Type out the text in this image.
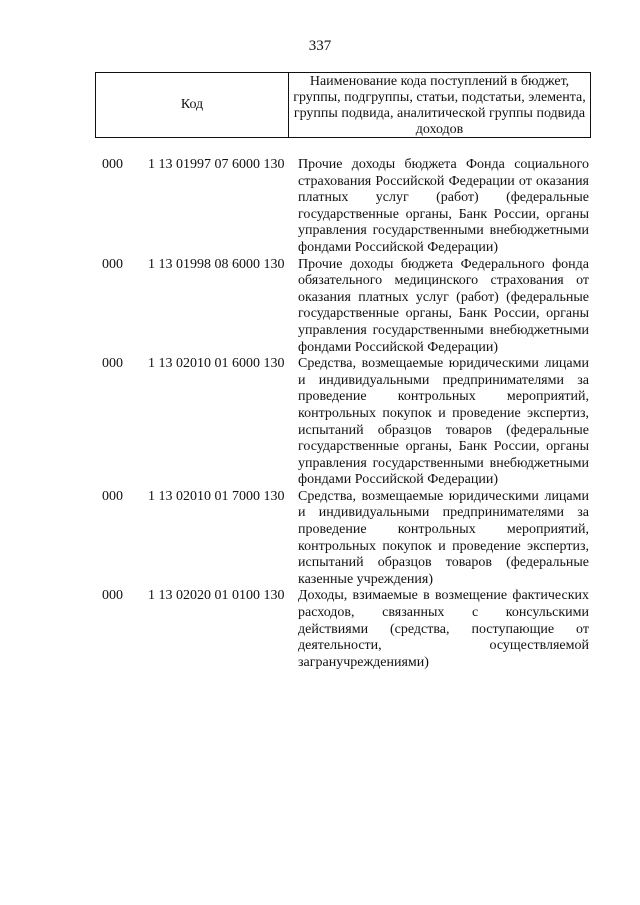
337
Код
Наименование кода поступлений в бюджет, группы, подгруппы, статьи, подстатьи, элемента, группы подвида, аналитической группы подвида доходов
000	1 13 01997 07 6000 130 Прочие доходы бюджета Фонда социального страхования Российской Федерации от оказания платных услуг (работ) (федеральные государственные органы, Банк России, органы управления государственными внебюджетными фондами Российской Федерации)
000	1 13 01998 08 6000 130 Прочие доходы бюджета Федерального фонда обязательного медицинского страхования от оказания платных услуг (работ) (федеральные государственные органы, Банк России, органы управления государственными внебюджетными фондами Российской Федерации)
000	1 13 02010 01 6000 130 Средства, возмещаемые юридическими лицами и индивидуальными предпринимателями за проведение контрольных мероприятий, контрольных покупок и проведение экспертиз, испытаний образцов товаров (федеральные государственные органы, Банк России, органы управления государственными внебюджетными фондами Российской Федерации)
000	1 13 02010 01 7000 130 Средства, возмещаемые юридическими лицами и индивидуальными предпринимателями за проведение контрольных мероприятий, контрольных покупок и проведение экспертиз, испытаний образцов товаров (федеральные казенные учреждения)
000	1 13 02020 01 0100 130 Доходы, взимаемые в возмещение фактических расходов, связанных с консульскими действиями (средства, поступающие от деятельности, осуществляемой загранучреждениями)
